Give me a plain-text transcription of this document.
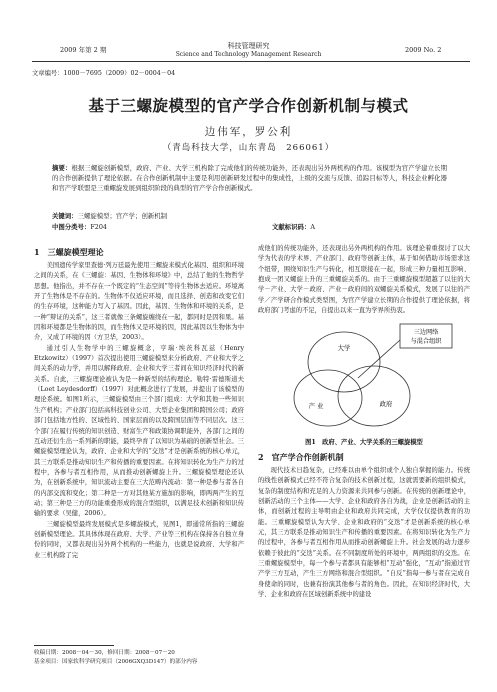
2009 年第 2 期	科技管理研究
Science and Technology Management Research
2009 No. 2
文章编号：1000－7695（2009）02－0004－04
基于三螺旋模型的官产学合作创新机制与模式
边伟军，罗公利
（青岛科技大学，山东青岛　266061）
摘要：根据三螺旋创新模型，政府、产业、大学三机构除了完成他们的传统功能外，还表现出另外两机构的作用。该模型为官产学建立长期的合作创新提供了理论依据。在合作创新机制中主要是利用创新研发过程中的集成性，上级的交流与反馈、追踪目标等人，科技企业孵化器和官产学联盟是三重螺旋发展到组织阶段的典型的官产学合作创新模式。
关键词：三螺旋模型；官产学；创新机制
中图分类号：F204	文献标识码：A
1　三螺旋模型理论

美国遗传学家里查德·列万廷最先使用三螺旋来模式化基因、组织和环境之间的关系，在《三螺旋：基因、生物体和环境》中，总结了他的生物哲学思想。他指出，并不存在一个既定的“生态空间”等待生物体去适应。环境离开了生物体是不存在的。生物体不仅适应环境，而且选择、创造和改变它们的生存环境，这种能力写入了基因。因此，基因、生物体和环境的关系，是一种“辩证的关系”，这三者就像三条螺旋缠绕在一起，都同时是因和果。基因和环境都是生物体的因，而生物体又是环境的因，因此基因以生物体为中介，又成了环境的因（方卫华，2003）。

通过引人生物学中的三螺旋概念，亨瑞·埃茨科瓦兹（Henry Etzkowitz）（1997）首次提出使用三螺旋模型来分析政府、产业和大学之间关系的动力学，并用以解释政府、企业和大学三者间在知识经济时代的新关系。自此，三螺旋理论被认为是一种新型的结构理论。勒特·雷德斯道夫（Loet Leydesdorff）（1997）对此概念进行了发展，并提出了该模型的理论系统。如图1所示，三螺旋模型由三个部门组成：大学和其他一些知识生产机构；产业部门包括高科技创业公司、大型企业集团和跨国公司；政府部门包括地方性的、区域性的、国家层面的以及跨国层面等不同层次。这三个部门在履行传统的知识创造、财富生产和政策协调职能外，各部门之间的互动还衍生出一系列新的职能，最终孕育了以知识为基础的创新型社会。三螺旋模型理论认为，政府、企业和大学的“交迭”才是创新系统的核心单元，其三方联系是推动知识生产和传播的重要因素。在将知识转化为生产力的过程中，各参与者互相作用，从而推动创新螺旋上升。三螺旋模型理论还认为，在创新系统中，知识流动主要在三大范畴内流动：第一种是参与者各自的内部交流和变化；第二种是一方对其他某方施加的影响，即两两产生的互动；第三种是三方的功能重叠形成的混合型组织，以满足技术创新和知识传输的要求（吴健，2006）。

三螺旋模型最终发展模式是多螺旋模式，见图1，即通常所指的三螺旋创新模型理论。其具体体现在政府、大学、产业等三机构在保持各自独立身份的同时，又都表现出另外两个机构的一些能力，也就是说政府、大学和产业三机构除了完

收稿日期：2008－04－30，修回日期：2008－07－20
基金项目：国家软科学研究项目（2006GXQ3D147）的部分内容

成他们的传统功能外，还表现出另外两机构的作用。该理论着重探讨了以大学为代表的学术界、产业部门、政府等创新主体，基于如何借助市场需求这个纽带，围绕知识生产与转化，相互联接在一起，形成三种力量相互影响、抱成一团又螺旋上升的三重螺旋关系的。由于三重螺旋模型超越了以往的大学－产业、大学－政府、产业－政府间的双螺旋关系模式，发展了以往的产学／产学研合作模式类型图，为官产学建立长期的合作提供了理论依据，将政府部门考虑的不足，自提出以来一直为学界所热衷。

三边网络
与混合组织
大学
产 业	政府
图1　政府、产业、大学关系的三螺旋模型
2　官产学合作创新机制

现代技术日趋复杂，已经难以由单个组织或个人独自掌握的能力。传统的线性创新模式已经不符合复杂的技术创新过程，这就需要新的组织模式，复杂的制度结构和充足的人力资源来共同参与创新。在传统的创新理论中，创新活动的三个主体——大学、企业和政府各自为战，企业是创新活动的主体，而创新过程的主导明由企业和政府共同完成，大学仅仅提供教育的功能。三重螺旋模型认为大学、企业和政府的“交迭”才是创新系统的核心单元，其三方联系是推动知识生产和传播的重要因素。在将知识转化为生产力的过程中，各参与者互相作用从而推动创新螺旋上升。社会发展的动力逐步依赖于彼此的“交迭”关系。在不同制度所处的环境中，两两组织的交迭。在三重螺旋模型中，每一个参与者都具有能够相“互动”强化，“互动”指通过官产学三方互动，产生三方网络和混合型组织。“自反”指每一参与者在完成自身使命的同时，也兼有扮演其他参与者的角色。因此，在知识经济时代，大学、企业和政府在区域创新系统中的建设
